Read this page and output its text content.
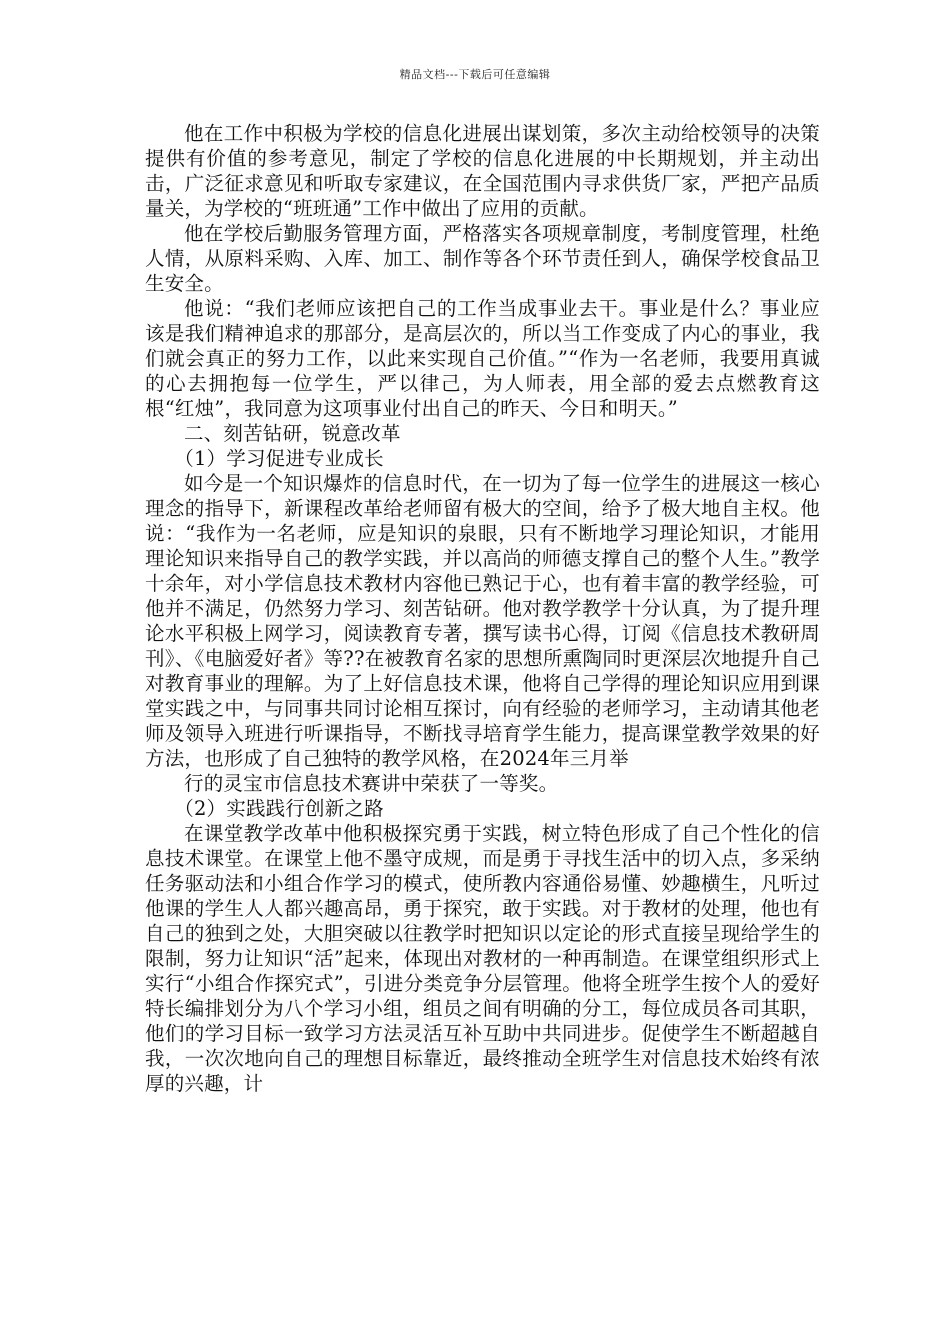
精品文档---下载后可任意编辑

他在工作中积极为学校的信息化进展出谋划策，多次主动给校领导的决策提供有价值的参考意见，制定了学校的信息化进展的中长期规划，并主动出击，广泛征求意见和听取专家建议，在全国范围内寻求供货厂家，严把产品质量关，为学校的“班班通”工作中做出了应用的贡献。

他在学校后勤服务管理方面，严格落实各项规章制度，考制度管理，杜绝人情，从原料采购、入库、加工、制作等各个环节责任到人，确保学校食品卫生安全。

他说：“我们老师应该把自己的工作当成事业去干。事业是什么？事业应该是我们精神追求的那部分，是高层次的，所以当工作变成了内心的事业，我们就会真正的努力工作，以此来实现自己价值。”“作为一名老师，我要用真诚的心去拥抱每一位学生，严以律己，为人师表，用全部的爱去点燃教育这根“红烛”，我同意为这项事业付出自己的昨天、今日和明天。”

二、刻苦钻研，锐意改革

（1）学习促进专业成长

如今是一个知识爆炸的信息时代，在一切为了每一位学生的进展这一核心理念的指导下，新课程改革给老师留有极大的空间，给予了极大地自主权。他说：“我作为一名老师，应是知识的泉眼，只有不断地学习理论知识，才能用理论知识来指导自己的教学实践，并以高尚的师德支撑自己的整个人生。”教学十余年，对小学信息技术教材内容他已熟记于心，也有着丰富的教学经验，可他并不满足，仍然努力学习、刻苦钻研。他对教学教学十分认真，为了提升理论水平积极上网学习，阅读教育专著，撰写读书心得，订阅《信息技术教研周刊》、《电脑爱好者》等??在被教育名家的思想所熏陶同时更深层次地提升自己对教育事业的理解。为了上好信息技术课，他将自己学得的理论知识应用到课堂实践之中，与同事共同讨论相互探讨，向有经验的老师学习，主动请其他老师及领导入班进行听课指导，不断找寻培育学生能力，提高课堂教学效果的好方法，也形成了自己独特的教学风格，在2024年三月举

行的灵宝市信息技术赛讲中荣获了一等奖。

（2）实践践行创新之路

在课堂教学改革中他积极探究勇于实践，树立特色形成了自己个性化的信息技术课堂。在课堂上他不墨守成规，而是勇于寻找生活中的切入点，多采纳任务驱动法和小组合作学习的模式，使所教内容通俗易懂、妙趣横生，凡听过他课的学生人人都兴趣高昂，勇于探究，敢于实践。对于教材的处理，他也有自己的独到之处，大胆突破以往教学时把知识以定论的形式直接呈现给学生的限制，努力让知识“活”起来，体现出对教材的一种再制造。在课堂组织形式上实行“小组合作探究式”，引进分类竞争分层管理。他将全班学生按个人的爱好特长编排划分为八个学习小组，组员之间有明确的分工，每位成员各司其职，他们的学习目标一致学习方法灵活互补互助中共同进步。促使学生不断超越自我，一次次地向自己的理想目标靠近，最终推动全班学生对信息技术始终有浓厚的兴趣，计
